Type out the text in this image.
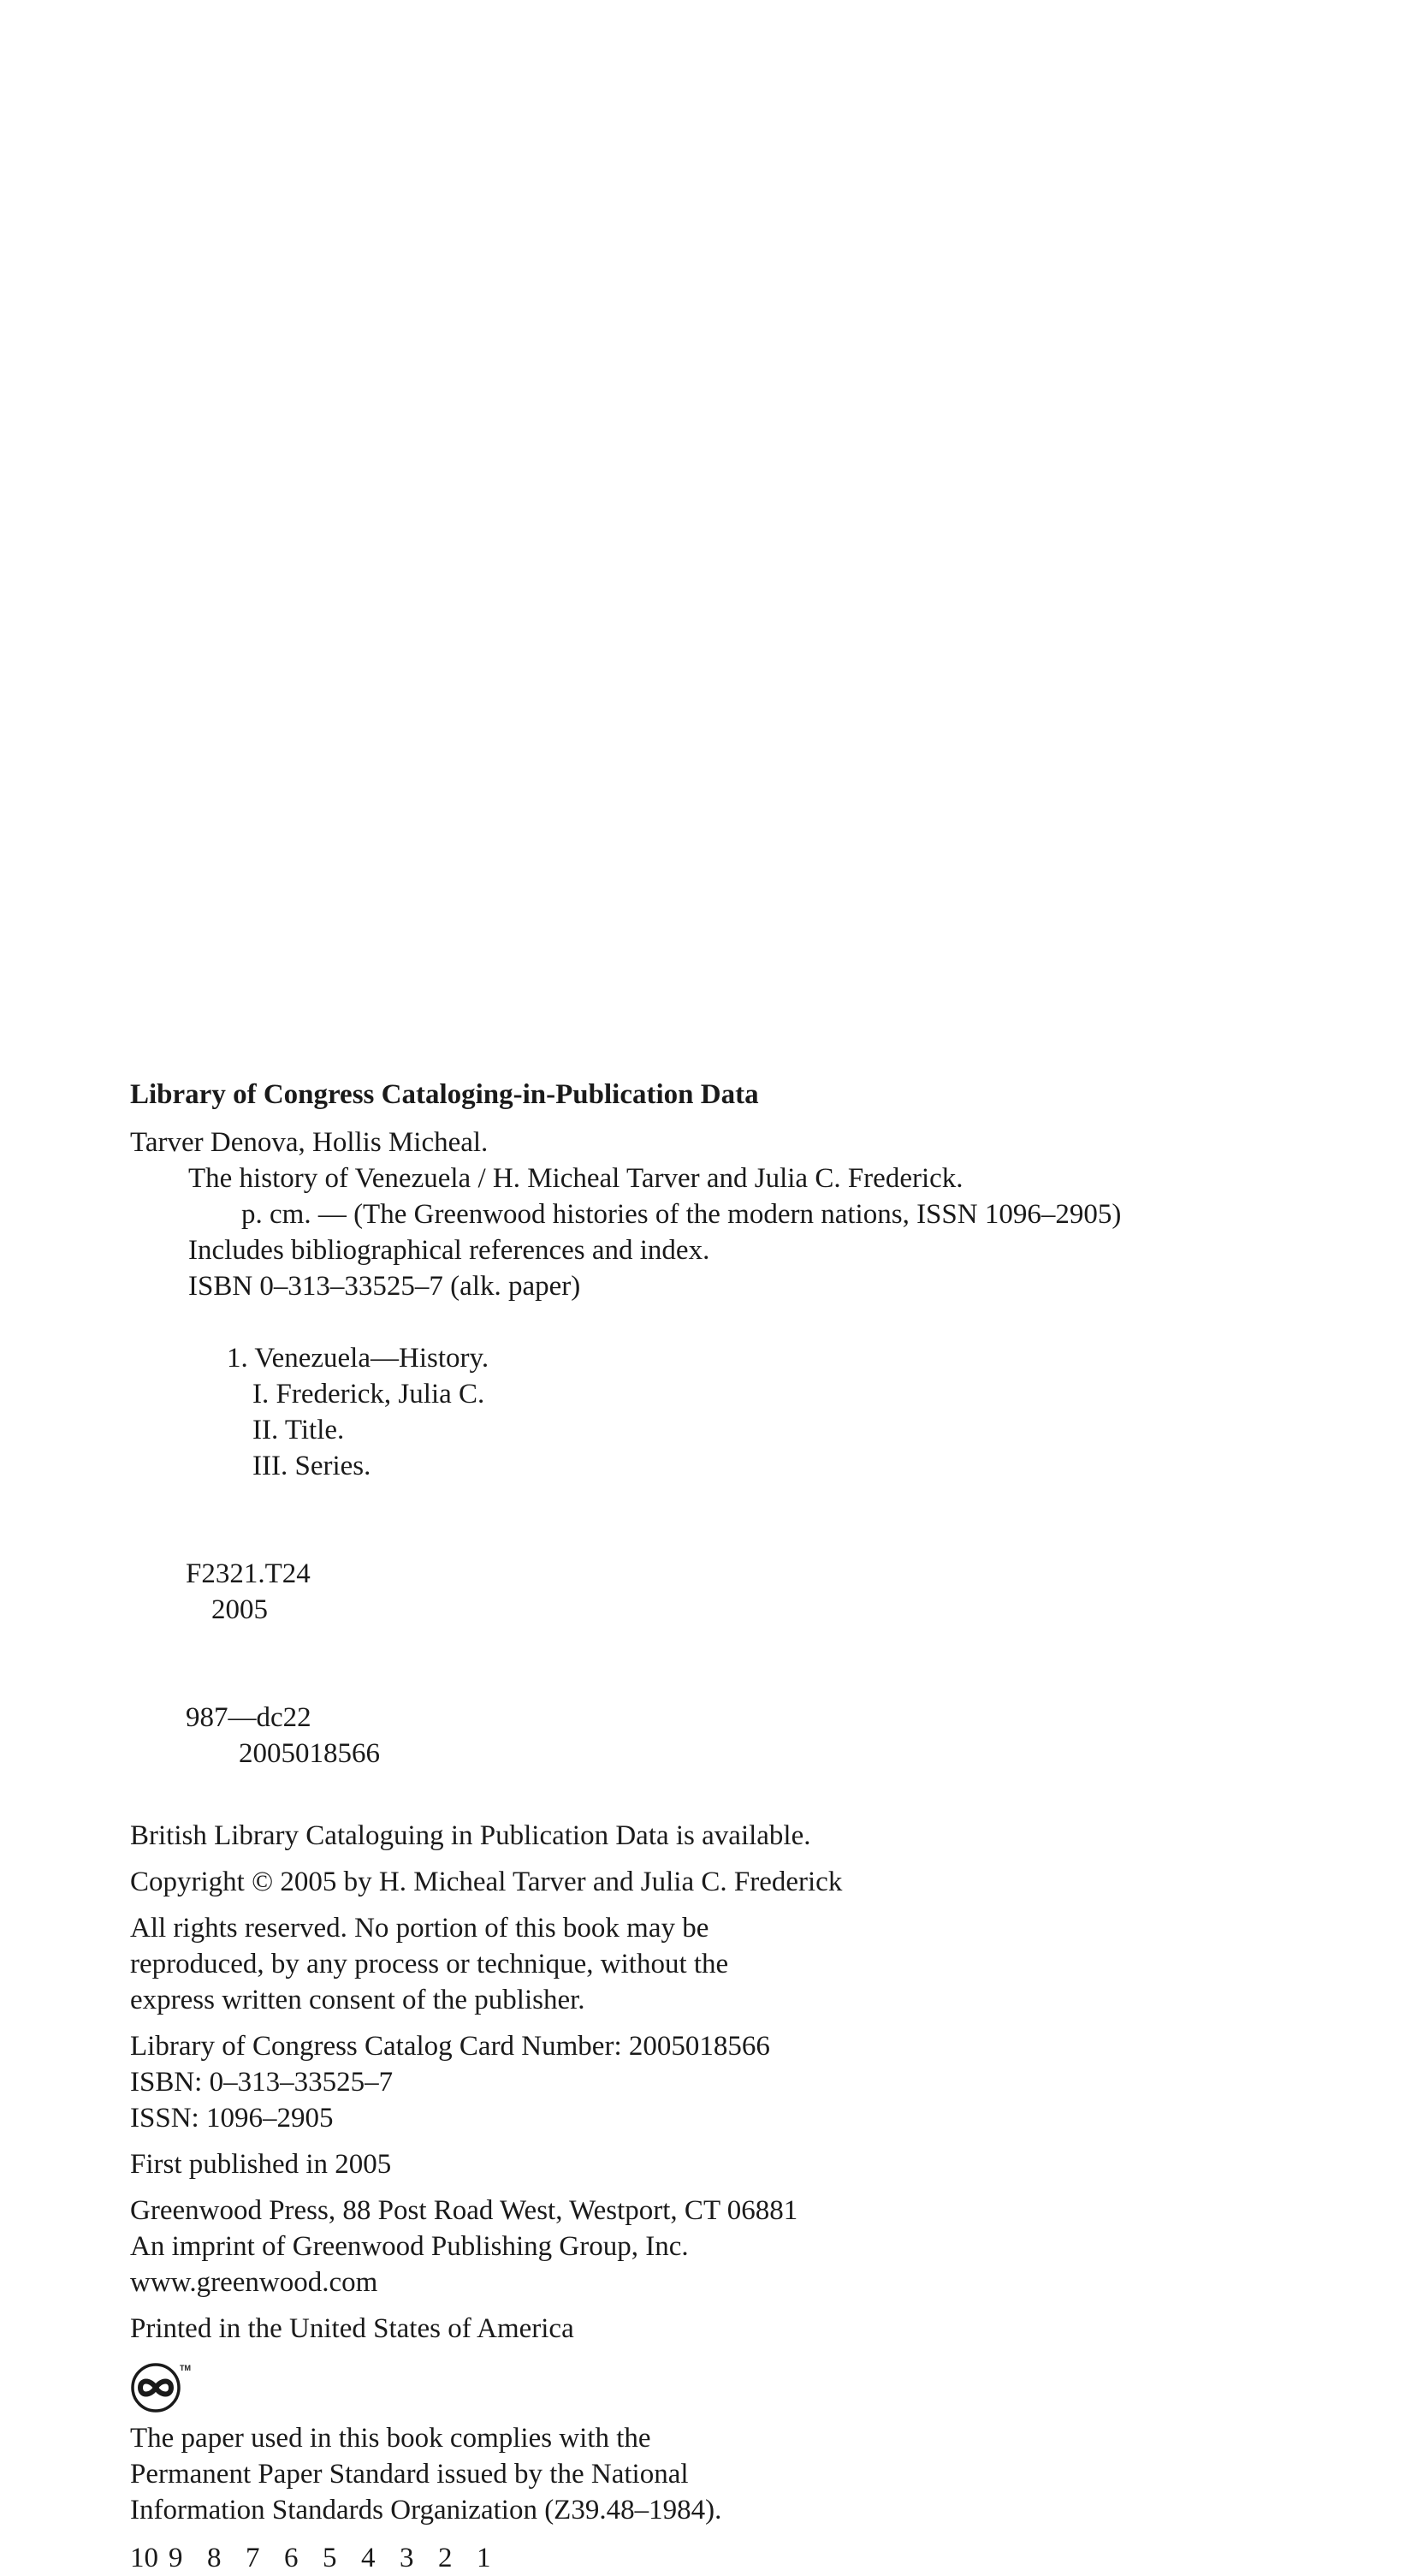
Library of Congress Cataloging-in-Publication Data
Tarver Denova, Hollis Micheal.
The history of Venezuela / H. Micheal Tarver and Julia C. Frederick.
p. cm. — (The Greenwood histories of the modern nations, ISSN 1096–2905)
Includes bibliographical references and index.
ISBN 0–313–33525–7 (alk. paper)

1. Venezuela—History.
I. Frederick, Julia C.
II. Title.
III. Series.

F2321.T24
2005

987—dc22
2005018566

British Library Cataloguing in Publication Data is available.
Copyright © 2005 by H. Micheal Tarver and Julia C. Frederick
All rights reserved. No portion of this book may be
reproduced, by any process or technique, without the
express written consent of the publisher.
Library of Congress Catalog Card Number: 2005018566
ISBN: 0–313–33525–7
ISSN: 1096–2905
First published in 2005
Greenwood Press, 88 Post Road West, Westport, CT 06881
An imprint of Greenwood Publishing Group, Inc.
www.greenwood.com
Printed in the United States of America
TM
The paper used in this book complies with the
Permanent Paper Standard issued by the National
Information Standards Organization (Z39.48–1984).
10 9 8 7 6 5 4 3 2 1
